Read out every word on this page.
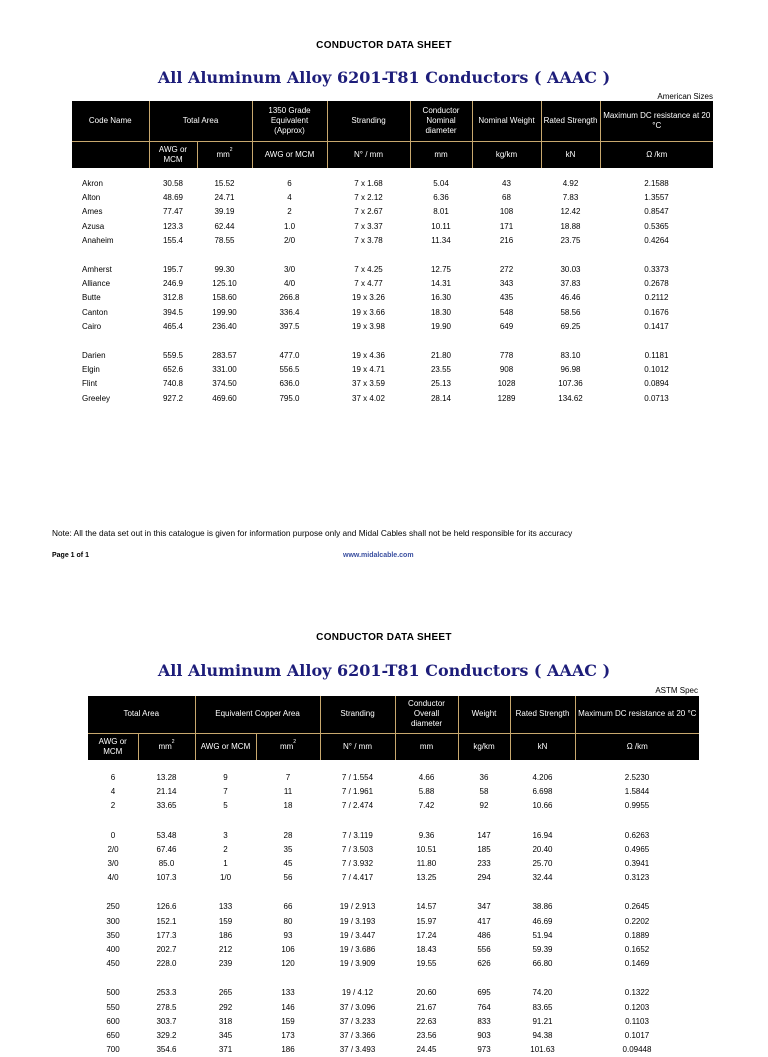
CONDUCTOR DATA SHEET
All Aluminum Alloy 6201-T81 Conductors ( AAAC )
American Sizes
Code Name	Total Area		1350 Grade Equivalent (Approx)	Stranding	Conductor Nominal diameter	Nominal Weight	Rated Strength	Maximum DC resistance at 20 °C
	AWG or MCM	$mm^2$	AWG or MCM	N° / mm	mm	kg/km	kN	Ω /km
Akron	30.58	15.52	6	7 x 1.68	5.04	43	4.92	2.1588
Alton	48.69	24.71	4	7 x 2.12	6.36	68	7.83	1.3557
Ames	77.47	39.19	2	7 x 2.67	8.01	108	12.42	0.8547
Azusa	123.3	62.44	1.0	7 x 3.37	10.11	171	18.88	0.5365
Anaheim	155.4	78.55	2/0	7 x 3.78	11.34	216	23.75	0.4264

Amherst	195.7	99.30	3/0	7 x 4.25	12.75	272	30.03	0.3373
Alliance	246.9	125.10	4/0	7 x 4.77	14.31	343	37.83	0.2678
Butte	312.8	158.60	266.8	19 x 3.26	16.30	435	46.46	0.2112
Canton	394.5	199.90	336.4	19 x 3.66	18.30	548	58.56	0.1676
Cairo	465.4	236.40	397.5	19 x 3.98	19.90	649	69.25	0.1417

Darien	559.5	283.57	477.0	19 x 4.36	21.80	778	83.10	0.1181
Elgin	652.6	331.00	556.5	19 x 4.71	23.55	908	96.98	0.1012
Flint	740.8	374.50	636.0	37 x 3.59	25.13	1028	107.36	0.0894
Greeley	927.2	469.60	795.0	37 x 4.02	28.14	1289	134.62	0.0713
Note: All the data set out in this catalogue is given for information purpose only and Midal Cables shall not be held responsible for its accuracy
Page 1 of 1	www.midalcable.com
CONDUCTOR DATA SHEET
All Aluminum Alloy 6201-T81 Conductors ( AAAC )
ASTM Spec
Total Area		Equivalent Copper Area		Stranding	Conductor Overall diameter	Weight	Rated Strength	Maximum DC resistance at 20 °C
AWG or MCM	$mm^2$	AWG or MCM	$mm^2$	N° / mm	mm	kg/km	kN	Ω /km
6	13.28	9	7	7 / 1.554	4.66	36	4.206	2.5230
4	21.14	7	11	7 / 1.961	5.88	58	6.698	1.5844
2	33.65	5	18	7 / 2.474	7.42	92	10.66	0.9955

0	53.48	3	28	7 / 3.119	9.36	147	16.94	0.6263
2/0	67.46	2	35	7 / 3.503	10.51	185	20.40	0.4965
3/0	85.0	1	45	7 / 3.932	11.80	233	25.70	0.3941
4/0	107.3	1/0	56	7 / 4.417	13.25	294	32.44	0.3123

250	126.6	133	66	19 / 2.913	14.57	347	38.86	0.2645
300	152.1	159	80	19 / 3.193	15.97	417	46.69	0.2202
350	177.3	186	93	19 / 3.447	17.24	486	51.94	0.1889
400	202.7	212	106	19 / 3.686	18.43	556	59.39	0.1652
450	228.0	239	120	19 / 3.909	19.55	626	66.80	0.1469

500	253.3	265	133	19 / 4.12	20.60	695	74.20	0.1322
550	278.5	292	146	37 / 3.096	21.67	764	83.65	0.1203
600	303.7	318	159	37 / 3.233	22.63	833	91.21	0.1103
650	329.2	345	173	37 / 3.366	23.56	903	94.38	0.1017
700	354.6	371	186	37 / 3.493	24.45	973	101.63	0.09448
